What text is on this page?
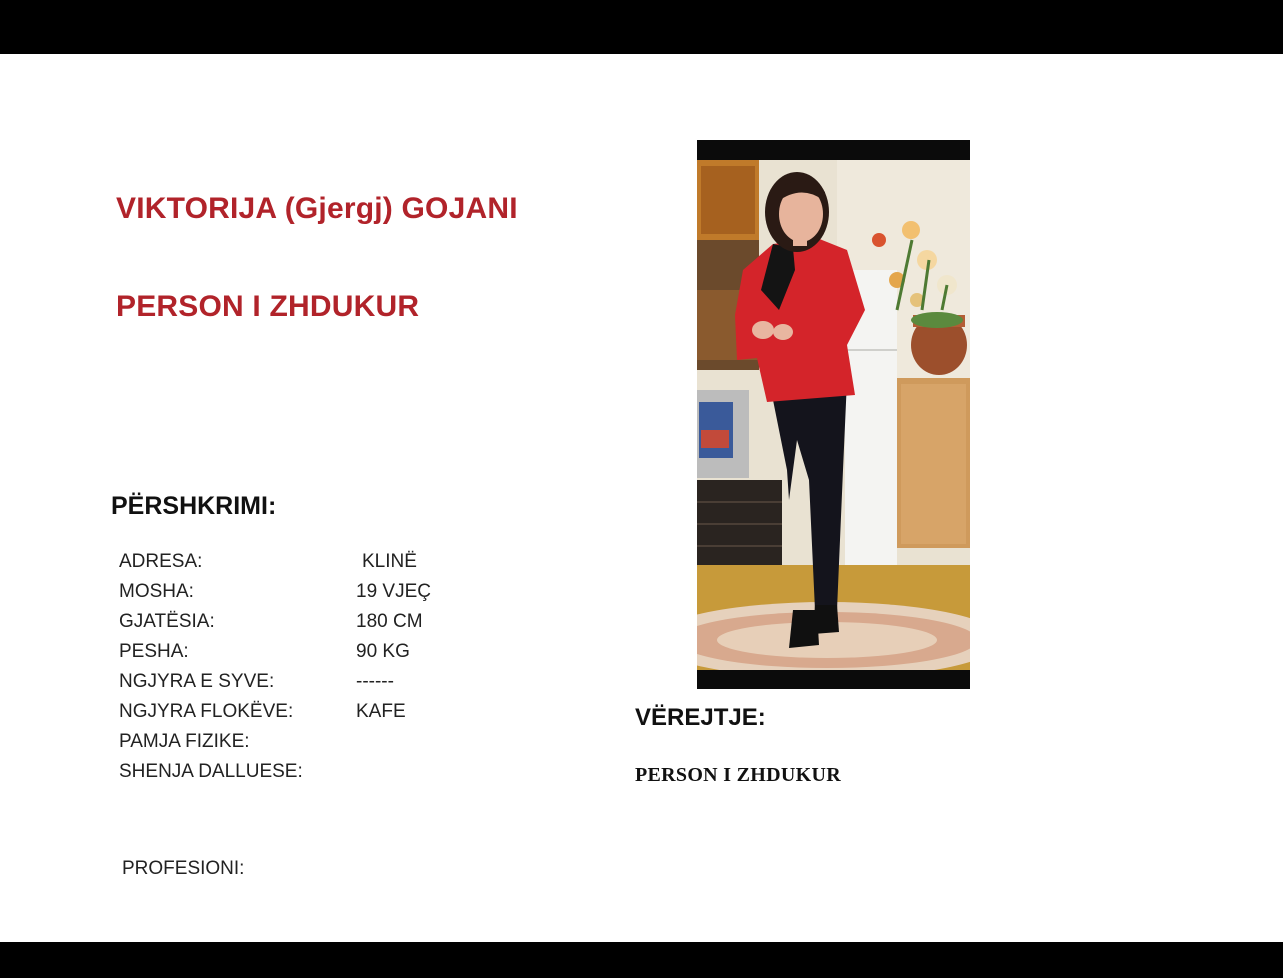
VIKTORIJA (Gjergj) GOJANI
PERSON I ZHDUKUR
PËRSHKRIMI:
ADRESA:	KLINË
MOSHA:	19 VJEÇ
GJATËSIA:	180 CM
PESHA:	90 KG
NGJYRA E SYVE:	------
NGJYRA FLOKËVE:	KAFE
PAMJA FIZIKE:
SHENJA DALLUESE:
PROFESIONI:
VËREJTJE:
PERSON I ZHDUKUR
